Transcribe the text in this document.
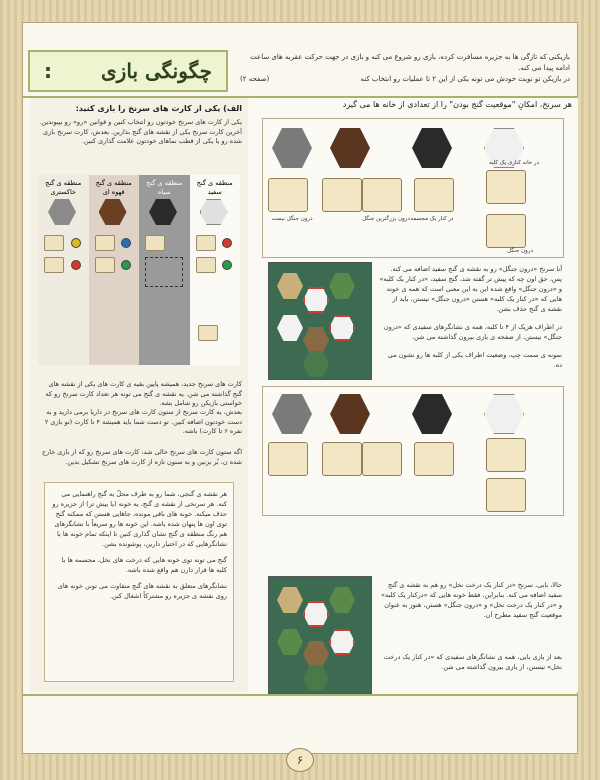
: چگونگی بازی
بازیکنی که تازگی ها به جزیره مسافرت کرده، بازی رو شروع می کنه و بازی در جهت حرکت عقربه های ساعت ادامه پیدا می کنه.
در بازیکن تو نوبت خودش می تونه یکی از این ۲ تا عملیات رو انتخاب کنه
(صفحه ۲)
الف) یکی از کارت های سرنخ را بازی کنید:
یکی از کارت های سرنخ خودتون رو انتخاب کنین و قوانین «رو» رو بپیوندین. آخرین کارت سرنخ یکی از نقشه های گنج بذارین. بعدش، کارت سرنخ بازی شده رو یا یکی از قطب نماهای خودتون علامت گذاری کنین.
منطقه ی گنج خاکستری
منطقه ی گنج قهوه ای
منطقه ی گنج سیاه
منطقه ی گنج سفید
کارت های سرنخ جدید، همیشه پایین بقیه ی کارت های یکی از نقشه های گنج گذاشته می شن. یه نقشه ی گنج می تونه هر تعداد کارت سرنخ رو که خواستی بازیکن رو شامل بشه.
بعدش، یه کارت سرنخ از ستون کارت های سرنخ در داریا برمی دارید و به دست خودتون اضافه کنین. تو دست شما باید همیشه ۴ تا کارت (تو بازی ۲ نفره ۶ تا کارت) باشه.
اگه ستون کارت های سرنخ خالی شد، کارت های سرنخ رو که از بازی خارج شده ن، بُر بزنین و به ستون تازه از کارت های سرنخ تشکیل بدین.
هر نقشه ی گنجی، شما رو به طرف محلّ یه گنج راهنمایی می کنه. هر سرنخی از نقشه ی گنج، یه خونه (یا بیش تر) از جزیره رو حذف میکنه. خونه های باقی مونده، جاهایی هستن که ممکنه گنج توی اون ها پنهان شده باشه. این خونه ها رو سریعاً با نشانگرهای هم رنگ منطقه ی گنج نشان گذاری کنین تا اینکه تمام خونه ها با نشانگرهایی که در اختیار دارین، پوشونده بشن.
گنج می تونه توی خونه هایی که درخت های نخل، مجسمه ها یا کلبه ها قرار دارن هم واقع شده باشه.
نشانگرهای متعلق به نقشه های گنج متفاوت می تونن خونه های روی نقشه ی جزیره رو مشترکاً اشغال کنن.
هر سرنخ، امکانِ "موقعیت گنج بودن" را از تعدادی از خانه ها می گیرد
درون جنگل نیست	درون بزرگترین جنگل در کنار یک مجسمه
در خانه کناری یک کلبه
درون جنگل
آنا سرنخ «درون جنگل» رو به نقشه ی گنج سفید اضافه می کنه. پس، حق اون چه که پیش تر گفته شد، گنج سفید، «در کنار یک کلبه» و «درون جنگل» واقع شده این به این معنی است که همه ی خونه هایی که «در کنار یک کلبه» هستن «درون جنگل» نیستن، باید از نقشه ی گنج حذف بشن.
در اطراف هریک از ۴ تا کلبه، همه ی نشانگرهای سفیدی که «درون جنگل» نیستن، از صفحه ی بازی بیرون گذاشته می شن.
نمونه ی سمت چپ، وضعیت اطراف یکی از کلبه ها رو نشون می ده.
حالا، بابی، سرنخ «در کنار یک درخت نخل» رو هم به نقشه ی گنج سفید اضافه می کنه. بنابراین، فقط خونه هایی که «درکنار یک کلبه» و «در کنار یک درخت نخل» و «درون جنگل» هستن، هنوز به عنوان موقعیت گنج سفید مطرح اَن.
بعد از بازی بابی، همه ی نشانگرهای سفیدی که «در کنار یک درخت نخل» نیستن، از بازی بیرون گذاشته می شن.
۶
